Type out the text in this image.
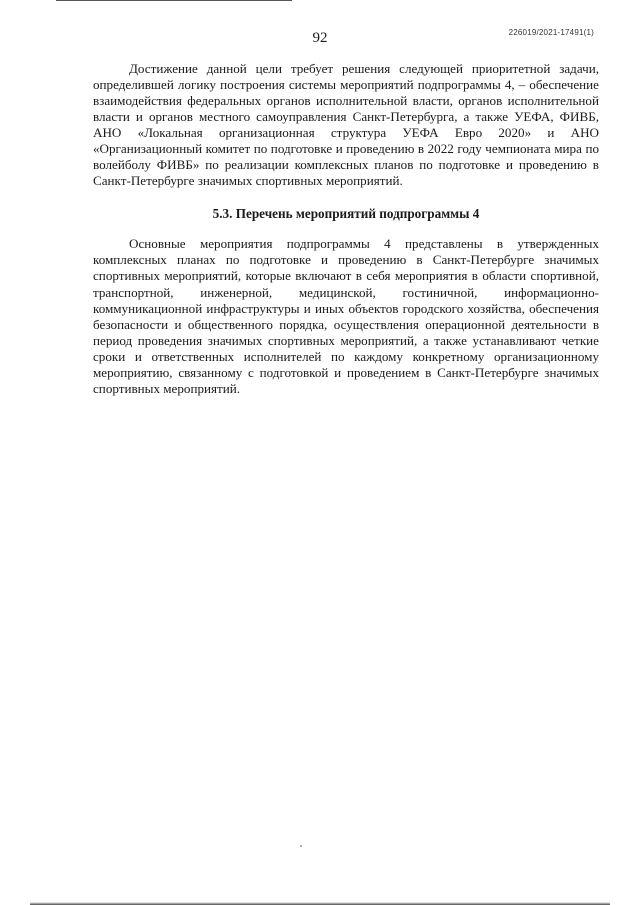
92	226019/2021-17491(1)

Достижение данной цели требует решения следующей приоритетной задачи, определившей логику построения системы мероприятий подпрограммы 4, – обеспечение взаимодействия федеральных органов исполнительной власти, органов исполнительной власти и органов местного самоуправления Санкт-Петербурга, а также УЕФА, ФИВБ, АНО «Локальная организационная структура УЕФА Евро 2020» и АНО «Организационный комитет по подготовке и проведению в 2022 году чемпионата мира по волейболу ФИВБ» по реализации комплексных планов по подготовке и проведению в Санкт-Петербурге значимых спортивных мероприятий.

5.3. Перечень мероприятий подпрограммы 4

Основные мероприятия подпрограммы 4 представлены в утвержденных комплексных планах по подготовке и проведению в Санкт-Петербурге значимых спортивных мероприятий, которые включают в себя мероприятия в области спортивной, транспортной, инженерной, медицинской, гостиничной, информационно-коммуникационной инфраструктуры и иных объектов городского хозяйства, обеспечения безопасности и общественного порядка, осуществления операционной деятельности в период проведения значимых спортивных мероприятий, а также устанавливают четкие сроки и ответственных исполнителей по каждому конкретному организационному мероприятию, связанному с подготовкой и проведением в Санкт-Петербурге значимых спортивных мероприятий.
